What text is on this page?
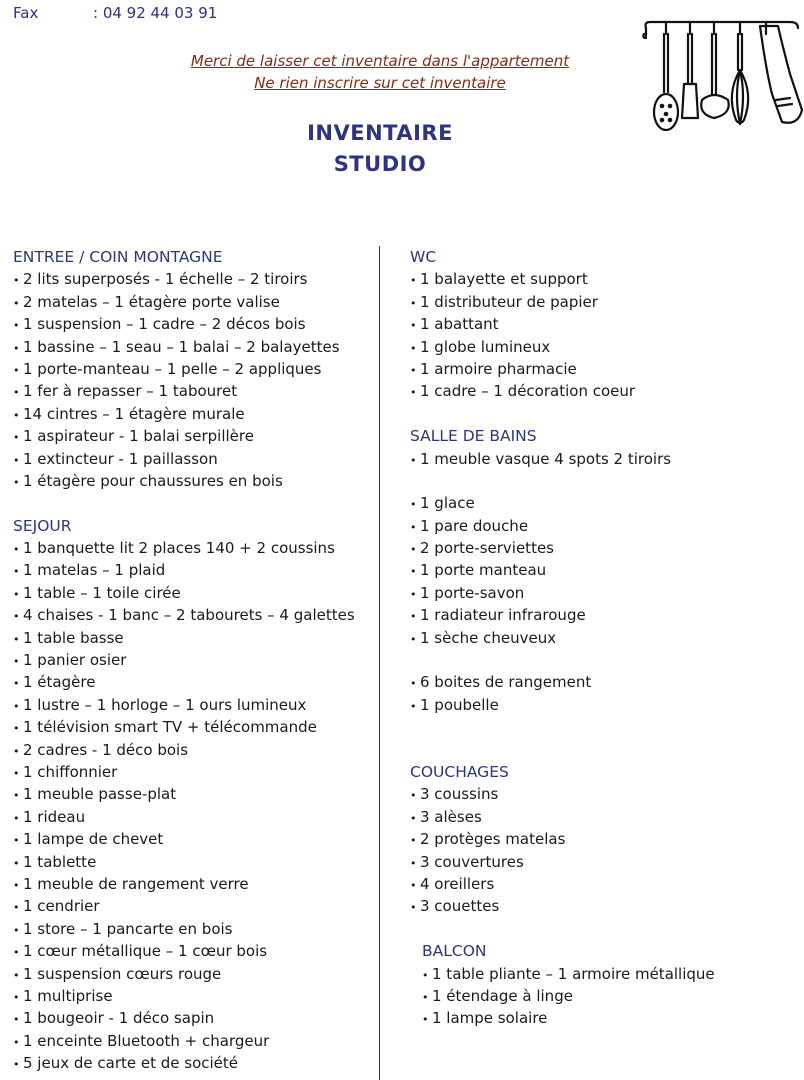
Fax	: 04 92 44 03 91
Merci de laisser cet inventaire dans l'appartement
Ne rien inscrire sur cet inventaire
INVENTAIRE
STUDIO
ENTREE / COIN MONTAGNE
• 2 lits superposés - 1 échelle – 2 tiroirs
• 2 matelas – 1 étagère porte valise
• 1 suspension – 1 cadre – 2 décos bois
• 1 bassine – 1 seau – 1 balai – 2 balayettes
• 1 porte-manteau – 1 pelle – 2 appliques
• 1 fer à repasser – 1 tabouret
• 14 cintres – 1 étagère murale
• 1 aspirateur - 1 balai serpillère
• 1 extincteur - 1 paillasson
• 1 étagère pour chaussures en bois
SEJOUR
• 1 banquette lit 2 places 140 + 2 coussins
• 1 matelas – 1 plaid
• 1 table – 1 toile cirée
• 4 chaises - 1 banc – 2 tabourets – 4 galettes
• 1 table basse
• 1 panier osier
• 1 étagère
• 1 lustre – 1 horloge – 1 ours lumineux
• 1 télévision smart TV + télécommande
• 2 cadres - 1 déco bois
• 1 chiffonnier
• 1 meuble passe-plat
• 1 rideau
• 1 lampe de chevet
• 1 tablette
• 1 meuble de rangement verre
• 1 cendrier
• 1 store – 1 pancarte en bois
• 1 cœur métallique – 1 cœur bois
• 1 suspension cœurs rouge
• 1 multiprise
• 1 bougeoir - 1 déco sapin
• 1 enceinte Bluetooth + chargeur
• 5 jeux de carte et de société
WC
• 1 balayette et support
• 1 distributeur de papier
• 1 abattant
• 1 globe lumineux
• 1 armoire pharmacie
• 1 cadre – 1 décoration coeur
SALLE DE BAINS
• 1 meuble vasque 4 spots 2 tiroirs
• 1 glace
• 1 pare douche
• 2 porte-serviettes
• 1 porte manteau
• 1 porte-savon
• 1 radiateur infrarouge
• 1 sèche cheuveux
• 6 boites de rangement
• 1 poubelle
COUCHAGES
• 3 coussins
• 3 alèses
• 2 protèges matelas
• 3 couvertures
• 4 oreillers
• 3 couettes
BALCON
• 1 table pliante – 1 armoire métallique
• 1 étendage à linge
• 1 lampe solaire
